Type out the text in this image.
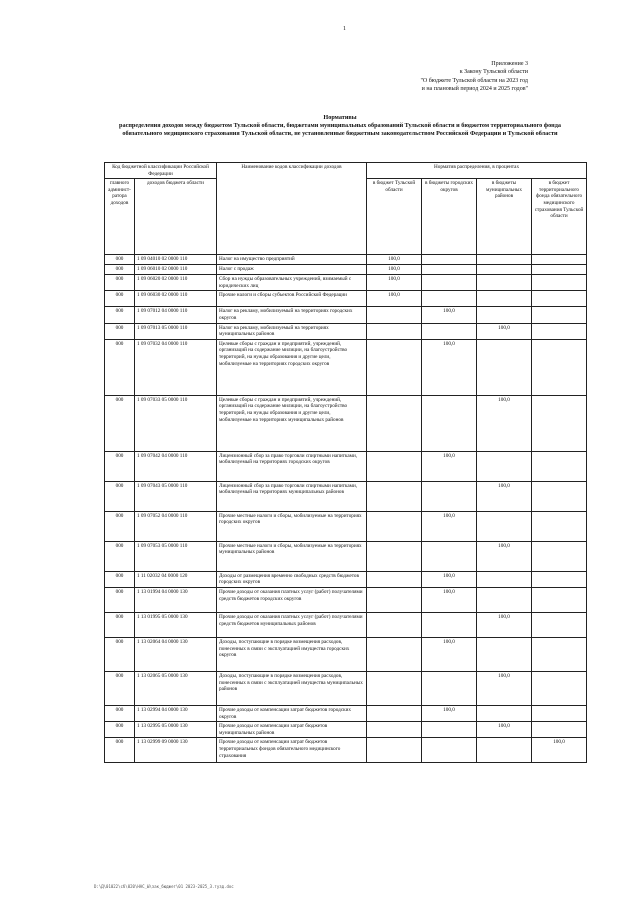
1
Приложение 3
к Закону Тульской области
"О бюджете Тульской области на 2023 год
и на плановый период 2024 и 2025 годов"
Нормативы
распределения доходов между бюджетом Тульской области, бюджетами муниципальных образований Тульской области и бюджетом территориального фонда обязательного медицинского страхования Тульской области, не установленные бюджетным законодательством Российской Федерации и Тульской области
Код бюджетной классификации Российской Федерации		Наименование кодов классификации доходов	Норматив распределения, в процентах			
главного админист-ратора доходов	доходов бюджета области		в бюджет Тульской области	в бюджеты городских округов	в бюджеты муниципальных районов	в бюджет территориального фонда обязательного медицинского страхования Тульской области
000	1 09 04010 02 0000 110	Налог на имущество предприятий	100,0			
000	1 09 06010 02 0000 110	Налог с продаж	100,0			
000	1 09 06020 02 0000 110	Сбор на нужды образовательных учреждений, взимаемый с юридических лиц	100,0			
000	1 09 06030 02 0000 110	Прочие налоги и сборы субъектов Российской Федерации	100,0			
000	1 09 07012 04 0000 110	Налог на рекламу, мобилизуемый на территориях городских округов		100,0		
000	1 09 07013 05 0000 110	Налог на рекламу, мобилизуемый на территориях муниципальных районов			100,0	
000	1 09 07032 04 0000 110	Целевые сборы с граждан и предприятий, учреждений, организаций на содержание милиции, на благоустройство территорий, на нужды образования и другие цели, мобилизуемые на территориях городских округов		100,0		
000	1 09 07033 05 0000 110	Целевые сборы с граждан и предприятий, учреждений, организаций на содержание милиции, на благоустройство территорий, на нужды образования и другие цели, мобилизуемые на территориях муниципальных районов			100,0	
000	1 09 07042 04 0000 110	Лицензионный сбор за право торговли спиртными напитками, мобилизуемый на территориях городских округов		100,0		
000	1 09 07043 05 0000 110	Лицензионный сбор за право торговли спиртными напитками, мобилизуемый на территориях муниципальных районов			100,0	
000	1 09 07052 04 0000 110	Прочие местные налоги и сборы, мобилизуемые на территориях городских округов		100,0		
000	1 09 07053 05 0000 110	Прочие местные налоги и сборы, мобилизуемые на территориях муниципальных районов			100,0	
000	1 11 02032 04 0000 120	Доходы от размещения временно свободных средств бюджетов городских округов		100,0		
000	1 13 01994 04 0000 130	Прочие доходы от оказания платных услуг (работ) получателями средств бюджетов городских округов		100,0		
000	1 13 01995 05 0000 130	Прочие доходы от оказания платных услуг (работ) получателями средств бюджетов муниципальных районов			100,0	
000	1 13 02064 04 0000 130	Доходы, поступающие в порядке возмещения расходов, понесенных в связи с эксплуатацией имущества городских округов		100,0		
000	1 13 02065 05 0000 130	Доходы, поступающие в порядке возмещения расходов, понесенных в связи с эксплуатацией имущества муниципальных районов			100,0	
000	1 13 02994 04 0000 130	Прочие доходы от компенсации затрат бюджетов городских округов		100,0		
000	1 13 02995 05 0000 130	Прочие доходы от компенсации затрат бюджетов муниципальных районов			100,0	
000	1 13 02999 09 0000 130	Прочие доходы от компенсации затрат бюджетов территориальных фондов обязательного медицинского страхования				100,0
D:\Д\01022\сб\020\НАС_Ы\зак_бюджет\01 2023-2025_3.тузд.doc
